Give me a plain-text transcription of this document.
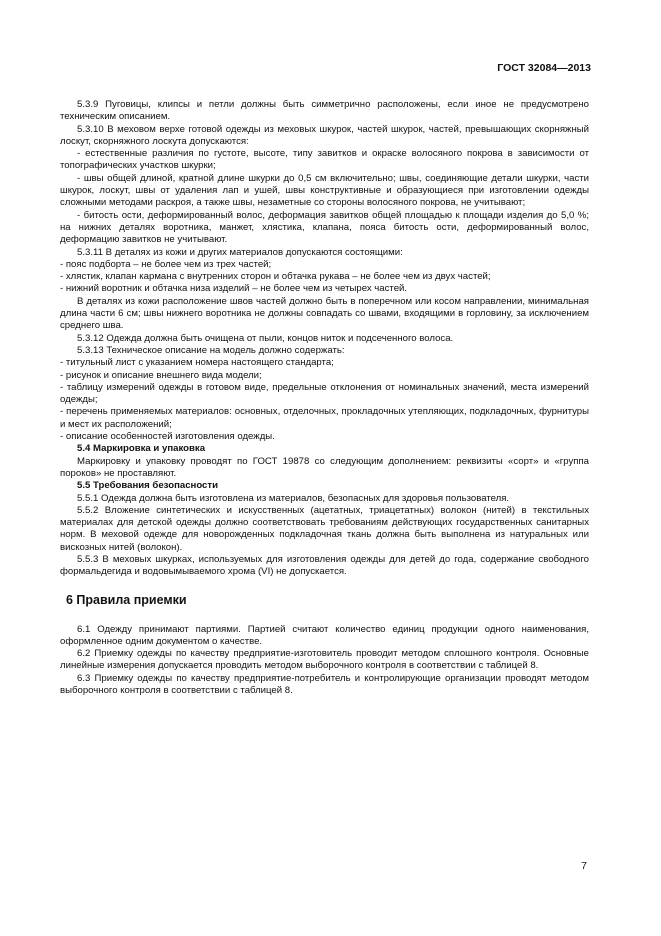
ГОСТ 32084—2013

5.3.9 Пуговицы, клипсы и петли должны быть симметрично расположены, если иное не предусмотрено техническим описанием.

5.3.10 В меховом верхе готовой одежды из меховых шкурок, частей шкурок, частей, превышающих скорняжный лоскут, скорняжного лоскута допускаются:

- естественные различия по густоте, высоте, типу завитков и окраске волосяного покрова в зависимости от топографических участков шкурки;

- швы общей длиной, кратной длине шкурки до 0,5 см включительно; швы, соединяющие детали шкурки, части шкурок, лоскут, швы от удаления лап и ушей, швы конструктивные и образующиеся при изготовлении одежды сложными методами раскроя, а также швы, незаметные со стороны волосяного покрова, не учитывают;

- битость ости, деформированный волос, деформация завитков общей площадью к площади изделия до 5,0 %; на нижних деталях воротника, манжет, хлястика, клапана, пояса битость ости, деформированный волос, деформацию завитков не учитывают.

5.3.11 В деталях из кожи и других материалов допускаются состоящими:

- пояс подборта – не более чем из трех частей;

- хлястик, клапан кармана с внутренних сторон и обтачка рукава – не более чем из двух частей;

- нижний воротник и обтачка низа изделий – не более чем из четырех частей.

В деталях из кожи расположение швов частей должно быть в поперечном или косом направлении, минимальная длина части 6 см; швы нижнего воротника не должны совпадать со швами, входящими в горловину, за исключением среднего шва.

5.3.12 Одежда должна быть очищена от пыли, концов ниток и подсеченного волоса.

5.3.13 Техническое описание на модель должно содержать:

- титульный лист с указанием номера настоящего стандарта;

- рисунок и описание внешнего вида модели;

- таблицу измерений одежды в готовом виде, предельные отклонения от номинальных значений, места измерений одежды;

- перечень применяемых материалов: основных, отделочных, прокладочных утепляющих, подкладочных, фурнитуры и мест их расположений;

- описание особенностей изготовления одежды.

5.4 Маркировка и упаковка

Маркировку и упаковку проводят по ГОСТ 19878 со следующим дополнением: реквизиты «сорт» и «группа пороков» не проставляют.

5.5 Требования безопасности

5.5.1 Одежда должна быть изготовлена из материалов, безопасных для здоровья пользователя.

5.5.2 Вложение синтетических и искусственных (ацетатных, триацетатных) волокон (нитей) в текстильных материалах для детской одежды должно соответствовать требованиям действующих государственных санитарных норм. В меховой одежде для новорожденных подкладочная ткань должна быть выполнена из натуральных или вискозных нитей (волокон).

5.5.3 В меховых шкурках, используемых для изготовления одежды для детей до года, содержание свободного формальдегида и водовымываемого хрома (VI) не допускается.

6 Правила приемки

6.1 Одежду принимают партиями. Партией считают количество единиц продукции одного наименования, оформленное одним документом о качестве.

6.2 Приемку одежды по качеству предприятие-изготовитель проводит методом сплошного контроля. Основные линейные измерения допускается проводить методом выборочного контроля в соответствии с таблицей 8.

6.3 Приемку одежды по качеству предприятие-потребитель и контролирующие организации проводят методом выборочного контроля в соответствии с таблицей 8.

7
